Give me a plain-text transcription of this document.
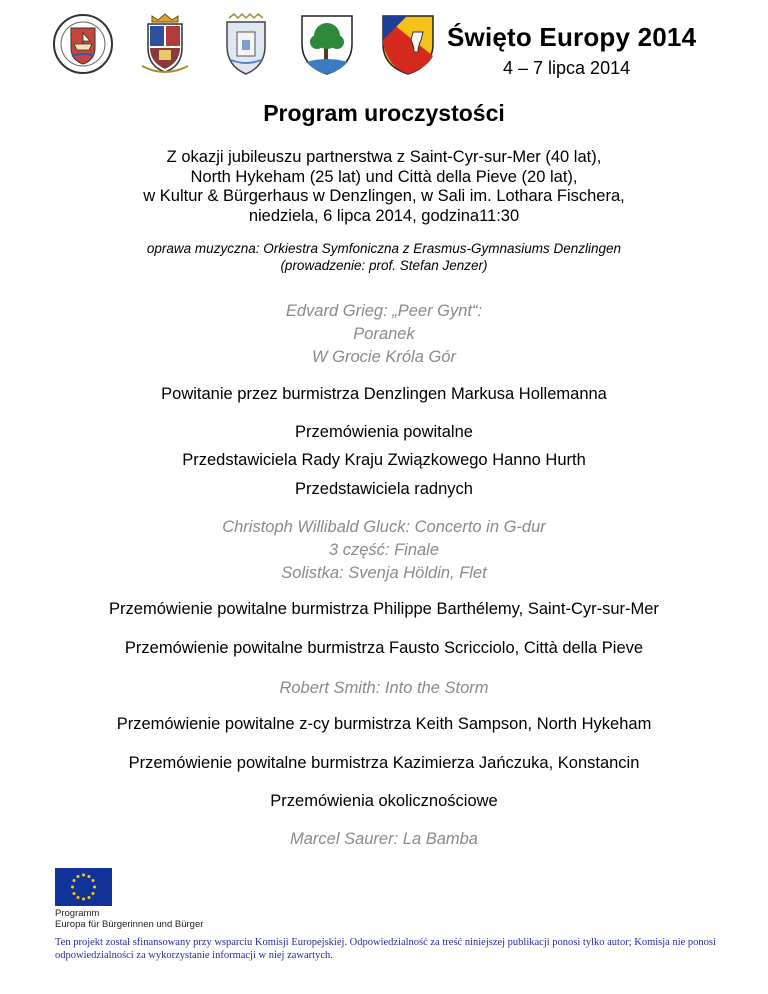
Święto Europy 2014
4 – 7 lipca 2014
Program uroczystości
Z okazji jubileuszu partnerstwa z Saint-Cyr-sur-Mer (40 lat),
North Hykeham (25 lat) und Città della Pieve (20 lat),
w Kultur & Bürgerhaus w Denzlingen, w Sali im. Lothara Fischera,
niedziela, 6 lipca 2014, godzina11:30
oprawa muzyczna: Orkiestra Symfoniczna z Erasmus-Gymnasiums Denzlingen
(prowadzenie: prof. Stefan Jenzer)
Edvard Grieg: „Peer Gynt“:
Poranek
W Grocie Króla Gór
Powitanie przez burmistrza Denzlingen Markusa Hollemanna
Przemówienia powitalne
Przedstawiciela Rady Kraju Związkowego Hanno Hurth
Przedstawiciela radnych
Christoph Willibald Gluck: Concerto in G-dur
3 część: Finale
Solistka: Svenja Höldin, Flet
Przemówienie powitalne burmistrza Philippe Barthélemy, Saint-Cyr-sur-Mer
Przemówienie powitalne burmistrza Fausto Scricciolo, Città della Pieve
Robert Smith: Into the Storm
Przemówienie powitalne z-cy burmistrza Keith Sampson, North Hykeham
Przemówienie powitalne burmistrza Kazimierza Jańczuka, Konstancin
Przemówienia okolicznościowe
Marcel Saurer: La Bamba
Programm
Europa für Bürgerinnen und Bürger
Ten projekt został sfinansowany przy wsparciu Komisji Europejskiej. Odpowiedzialność za treść niniejszej publikacji ponosi tylko autor; Komisja nie ponosi odpowiedzialności za wykorzystanie informacji w niej zawartych.
